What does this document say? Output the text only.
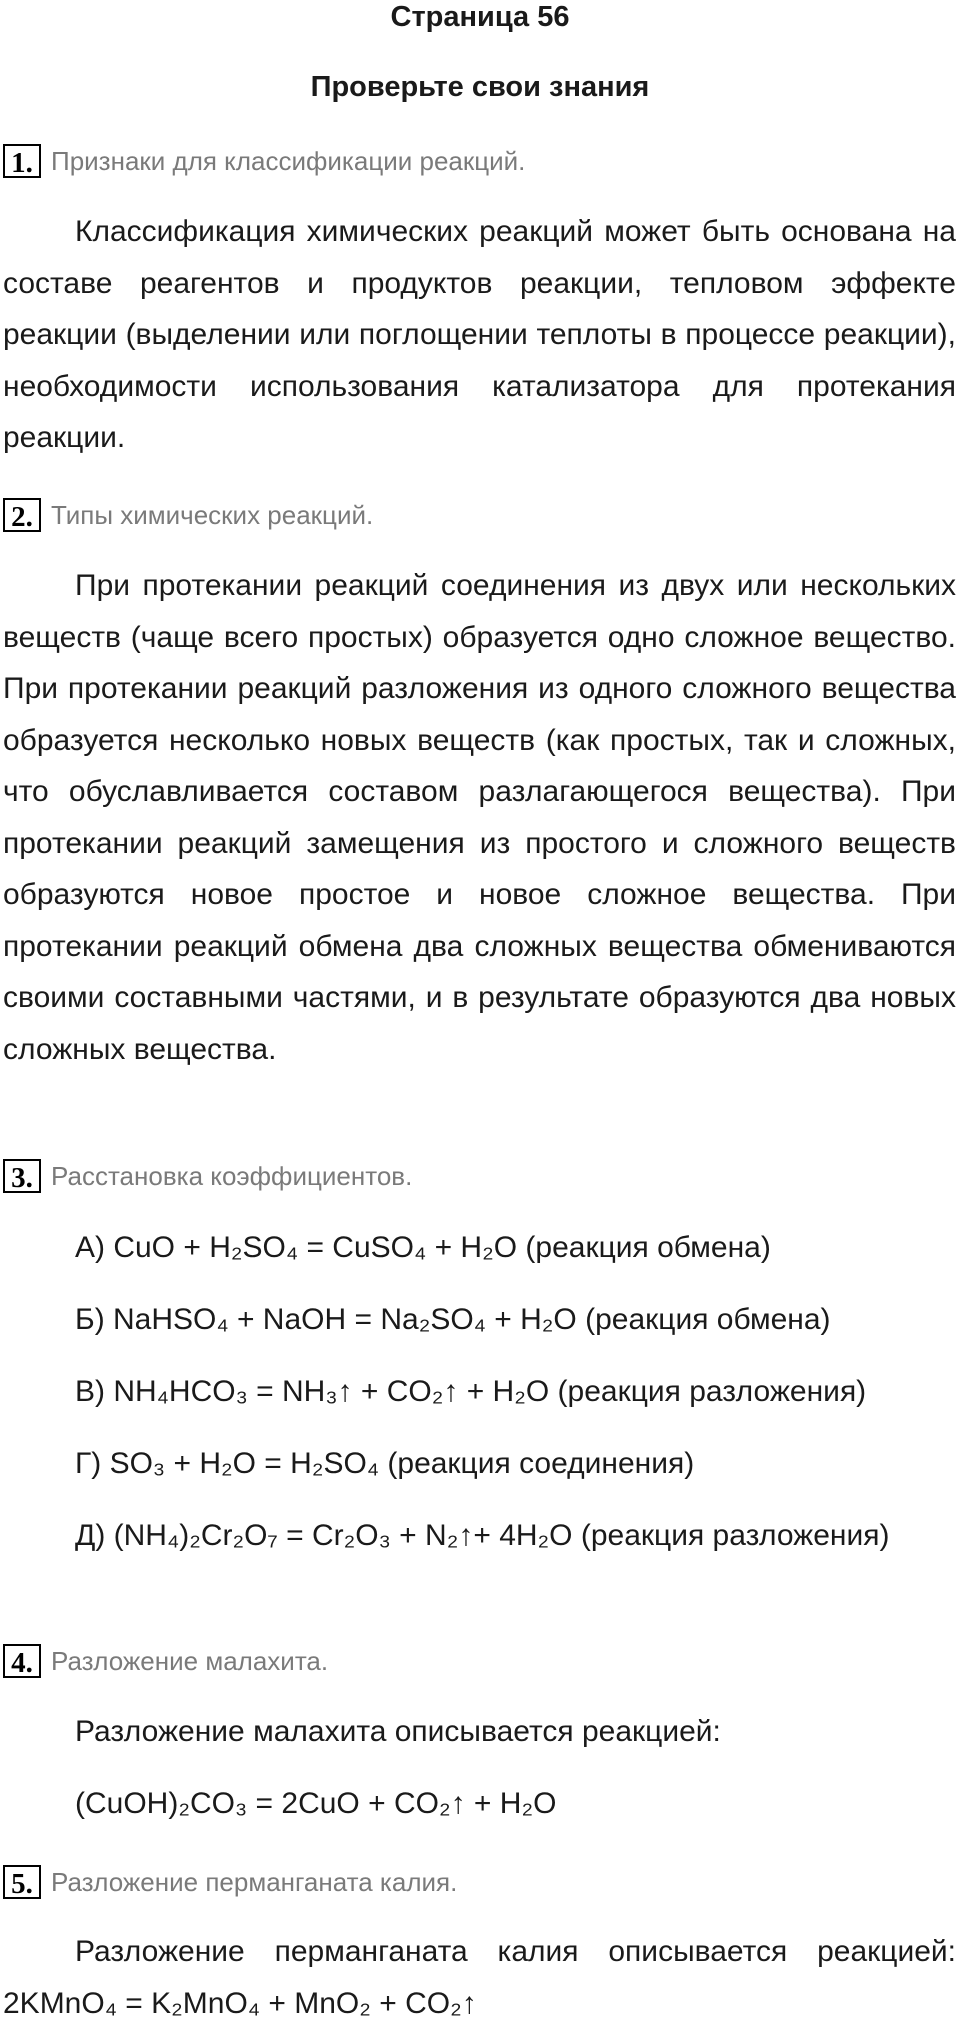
Страница 56
Проверьте свои знания
1. Признаки для классификации реакций.
Классификация химических реакций может быть основана на составе реагентов и продуктов реакции, тепловом эффекте реакции (выделении или поглощении теплоты в процессе реакции), необходимости использования катализатора для протекания реакции.
2. Типы химических реакций.
При протекании реакций соединения из двух или нескольких веществ (чаще всего простых) образуется одно сложное вещество. При протекании реакций разложения из одного сложного вещества образуется несколько новых веществ (как простых, так и сложных, что обуславливается составом разлагающегося вещества). При протекании реакций замещения из простого и сложного веществ образуются новое простое и новое сложное вещества. При протекании реакций обмена два сложных вещества обмениваются своими составными частями, и в результате образуются два новых сложных вещества.
3. Расстановка коэффициентов.
А) CuO + H₂SO₄ = CuSO₄ + H₂O (реакция обмена)
Б) NaHSO₄ + NaOH = Na₂SO₄ + H₂O (реакция обмена)
В) NH₄HCO₃ = NH₃↑ + CO₂↑ + H₂O (реакция разложения)
Г) SO₃ + H₂O = H₂SO₄ (реакция соединения)
Д) (NH₄)₂Cr₂O₇ = Cr₂O₃ + N₂↑+ 4H₂O (реакция разложения)
4. Разложение малахита.
Разложение малахита описывается реакцией:
(CuOH)₂CO₃ = 2CuO + CO₂↑ + H₂O
5. Разложение перманганата калия.
Разложение перманганата калия описывается реакцией: 2KMnO₄ = K₂MnO₄ + MnO₂ + CO₂↑
